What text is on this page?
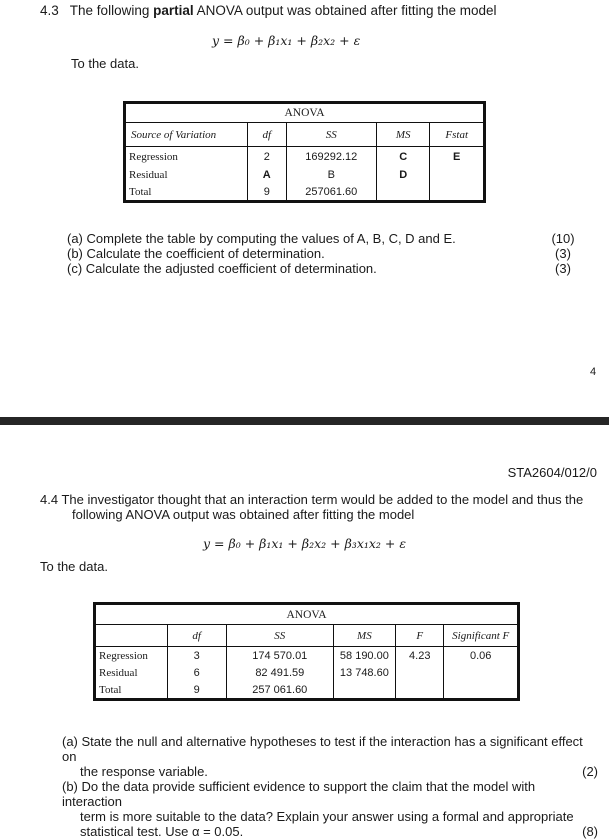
4.3 The following partial ANOVA output was obtained after fitting the model
y = β₀ + β₁x₁ + β₂x₂ + ε
To the data.
ANOVA				
Source of Variation	df	SS	MS	Fstat
Regression	2	169292.12	C	E
Residual	A	B	D	
Total	9	257061.60		
(a) Complete the table by computing the values of A, B, C, D and E.
(b) Calculate the coefficient of determination.
(c) Calculate the adjusted coefficient of determination.
(10)
(3)
(3)
4
STA2604/012/0
4.4 The investigator thought that an interaction term would be added to the model and thus the
following ANOVA output was obtained after fitting the model
y = β₀ + β₁x₁ + β₂x₂ + β₃x₁x₂ + ε
To the data.
ANOVA					
	df	SS	MS	F	Significant F
Regression	3	174 570.01	58 190.00	4.23	0.06
Residual	6	82 491.59	13 748.60		
Total	9	257 061.60			
(a) State the null and alternative hypotheses to test if the interaction has a significant effect on
the response variable.	(2)
(b) Do the data provide sufficient evidence to support the claim that the model with interaction
term is more suitable to the data? Explain your answer using a formal and appropriate
statistical test. Use α = 0.05.	(8)
